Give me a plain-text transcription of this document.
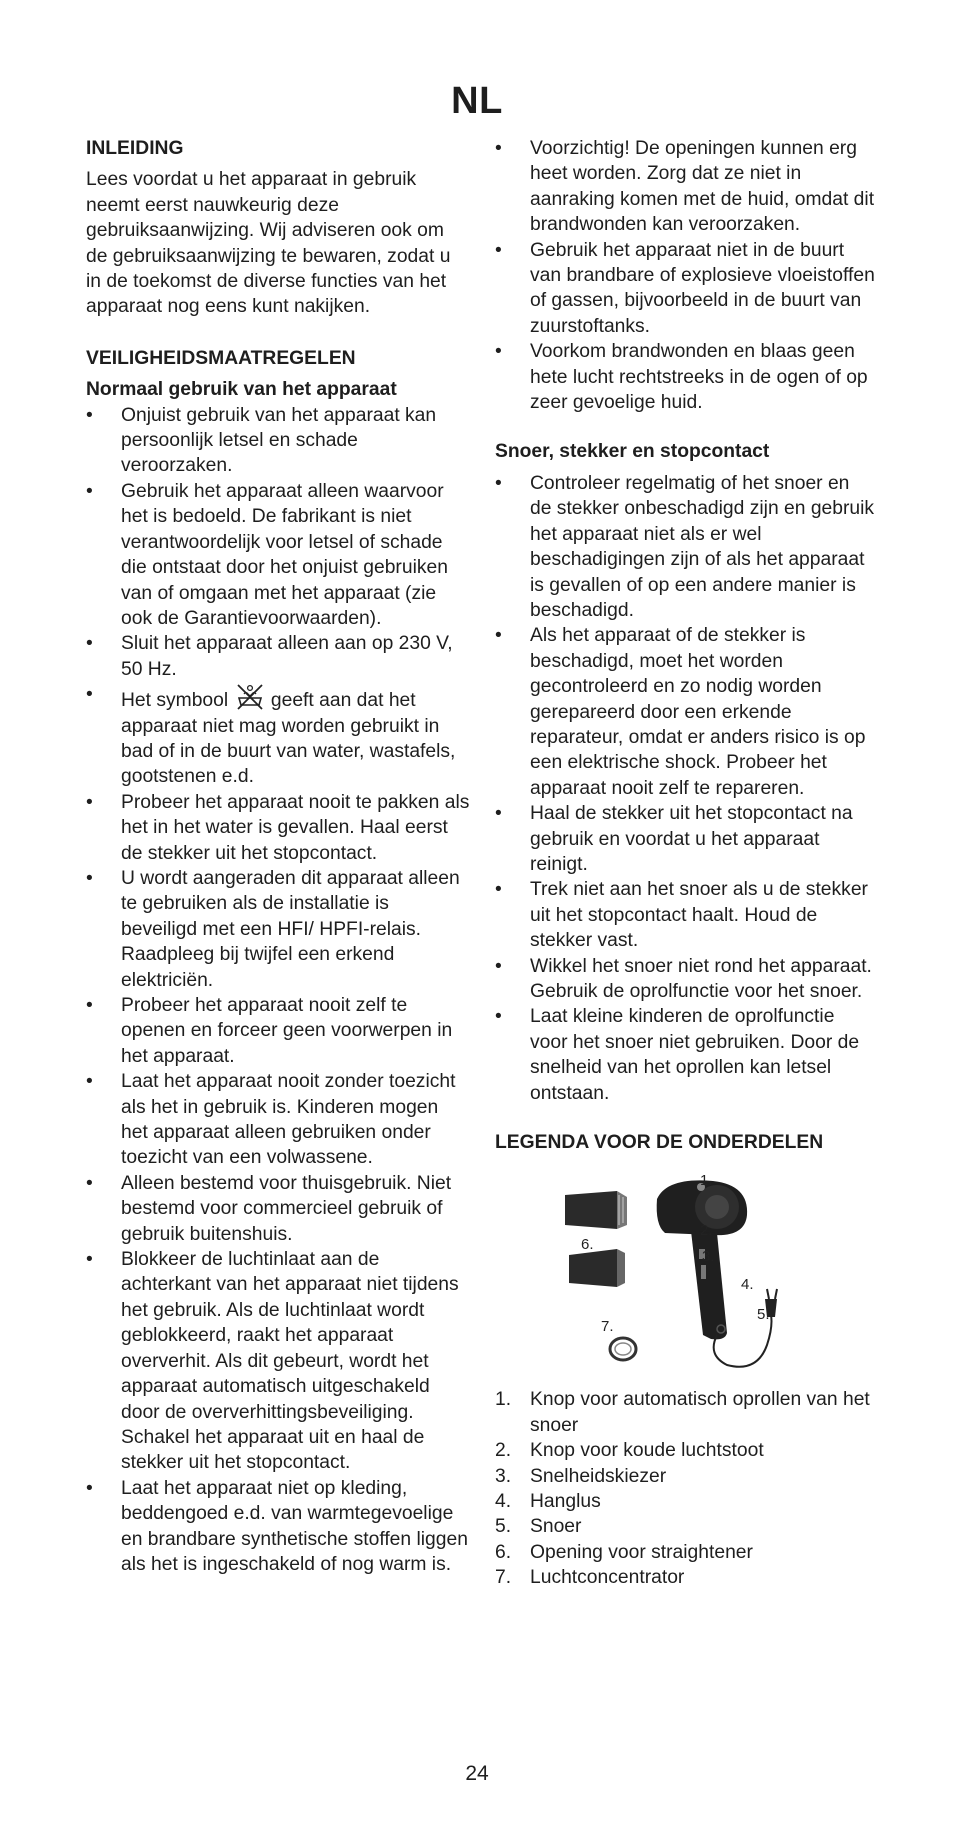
NL
INLEIDING

Lees voordat u het apparaat in gebruik neemt eerst nauwkeurig deze gebruiksaanwijzing. Wij adviseren ook om de gebruiksaanwijzing te bewaren, zodat u in de toekomst de diverse functies van het apparaat nog eens kunt nakijken.

VEILIGHEIDSMAATREGELEN
Normaal gebruik van het apparaat
• Onjuist gebruik van het apparaat kan persoonlijk letsel en schade veroorzaken.
• Gebruik het apparaat alleen waarvoor het is bedoeld. De fabrikant is niet verantwoordelijk voor letsel of schade die ontstaat door het onjuist gebruiken van of omgaan met het apparaat (zie ook de Garantievoorwaarden).
• Sluit het apparaat alleen aan op 230 V, 50 Hz.
• Het symbool geeft aan dat het apparaat niet mag worden gebruikt in bad of in de buurt van water, wastafels, gootstenen e.d.
• Probeer het apparaat nooit te pakken als het in het water is gevallen. Haal eerst de stekker uit het stopcontact.
• U wordt aangeraden dit apparaat alleen te gebruiken als de installatie is beveiligd met een HFI/ HPFI-relais. Raadpleeg bij twijfel een erkend elektriciën.
• Probeer het apparaat nooit zelf te openen en forceer geen voorwerpen in het apparaat.
• Laat het apparaat nooit zonder toezicht als het in gebruik is. Kinderen mogen het apparaat alleen gebruiken onder toezicht van een volwassene.
• Alleen bestemd voor thuisgebruik. Niet bestemd voor commercieel gebruik of gebruik buitenshuis.
• Blokkeer de luchtinlaat aan de achterkant van het apparaat niet tijdens het gebruik. Als de luchtinlaat wordt geblokkeerd, raakt het apparaat oververhit. Als dit gebeurt, wordt het apparaat automatisch uitgeschakeld door de oververhittingsbeveiliging. Schakel het apparaat uit en haal de stekker uit het stopcontact.
• Laat het apparaat niet op kleding, beddengoed e.d. van warmtegevoelige en brandbare synthetische stoffen liggen als het is ingeschakeld of nog warm is.
• Voorzichtig! De openingen kunnen erg heet worden. Zorg dat ze niet in aanraking komen met de huid, omdat dit brandwonden kan veroorzaken.
• Gebruik het apparaat niet in de buurt van brandbare of explosieve vloeistoffen of gassen, bijvoorbeeld in de buurt van zuurstoftanks.
• Voorkom brandwonden en blaas geen hete lucht rechtstreeks in de ogen of op zeer gevoelige huid.
Snoer, stekker en stopcontact
• Controleer regelmatig of het snoer en de stekker onbeschadigd zijn en gebruik het apparaat niet als er wel beschadigingen zijn of als het apparaat is gevallen of op een andere manier is beschadigd.
• Als het apparaat of de stekker is beschadigd, moet het worden gecontroleerd en zo nodig worden gerepareerd door een erkende reparateur, omdat er anders risico is op een elektrische shock. Probeer het apparaat nooit zelf te repareren.
• Haal de stekker uit het stopcontact na gebruik en voordat u het apparaat reinigt.
• Trek niet aan het snoer als u de stekker uit het stopcontact haalt. Houd de stekker vast.
• Wikkel het snoer niet rond het apparaat. Gebruik de oprolfunctie voor het snoer.
• Laat kleine kinderen de oprolfunctie voor het snoer niet gebruiken. Door de snelheid van het oprollen kan letsel ontstaan.
LEGENDA VOOR DE ONDERDELEN
1.
2.
3.
4.
5.
6.
7.
1. Knop voor automatisch oprollen van het snoer
2. Knop voor koude luchtstoot
3. Snelheidskiezer
4. Hanglus
5. Snoer
6. Opening voor straightener
7. Luchtconcentrator
24
